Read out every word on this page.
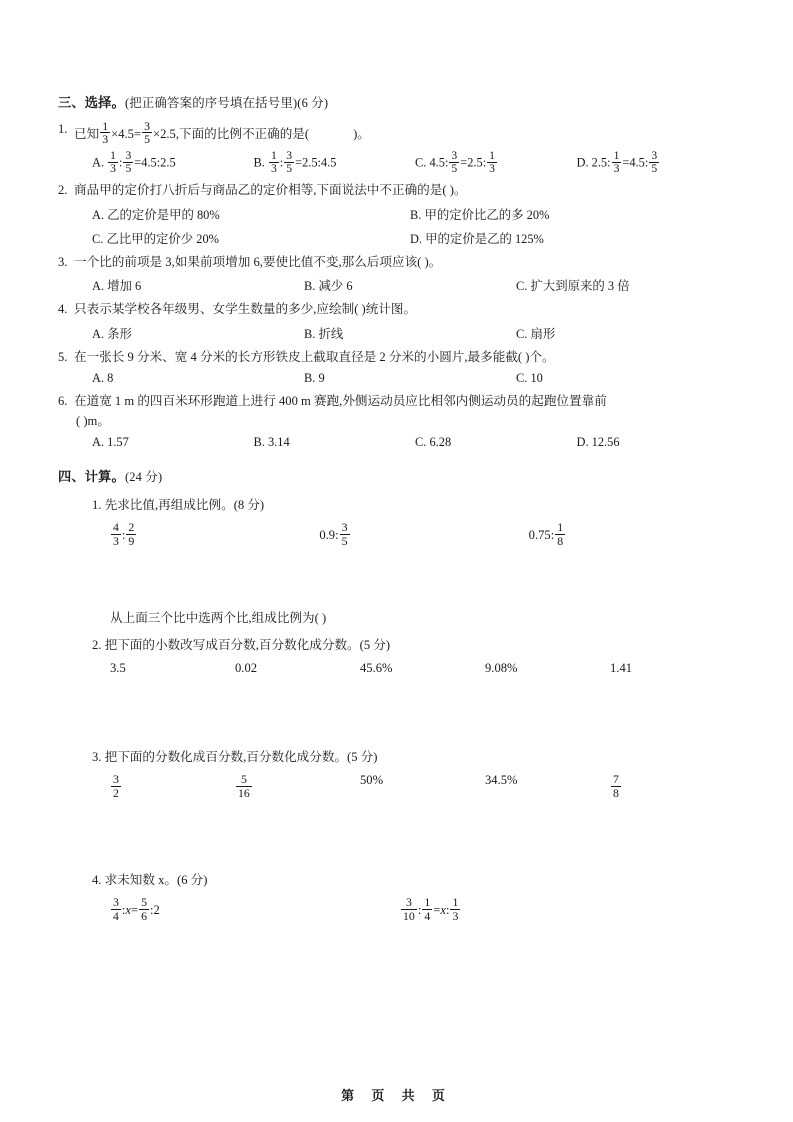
三、选择。(把正确答案的序号填在括号里)(6 分)
1. 已知 $\frac{1}{3} \times 4.5= \frac{3}{5} \times 2.5$,下面的比例不正确的是(	)。
A. $\frac{1}{3}$ : $\frac{3}{5}$ =4.5:2.5	B. $\frac{1}{3}$ : $\frac{3}{5}$ =2.5:4.5	C. 4.5: $\frac{3}{5} =2.5$: $\frac{1}{3}$	D. 2.5: $\frac{1}{3} =4.5$: $\frac{3}{5}$
2. 商品甲的定价打八折后与商品乙的定价相等,下面说法中不正确的是( )。
A. 乙的定价是甲的 80%	B. 甲的定价比乙的多 20%
C. 乙比甲的定价少 20%	D. 甲的定价是乙的 125%
3. 一个比的前项是 3,如果前项增加 6,要使比值不变,那么后项应该( )。
A. 增加 6	B. 减少 6	C. 扩大到原来的 3 倍
4. 只表示某学校各年级男、女学生数量的多少,应绘制( )统计图。
A. 条形	B. 折线	C. 扇形
5. 在一张长 9 分米、宽 4 分米的长方形铁皮上截取直径是 2 分米的小圆片,最多能截( )个。
A. 8	B. 9	C. 10
6. 在道宽 1 m 的四百米环形跑道上进行 400 m 赛跑,外侧运动员应比相邻内侧运动员的起跑位置靠前
( )m。
A. 1.57	B. 3.14	C. 6.28	D. 12.56
四、计算。(24 分)
1. 先求比值,再组成比例。(8 分)
$\frac{4}{3}$ : $\frac{2}{9}$	0.9: $\frac{3}{5}$	0.75: $\frac{1}{8}$
从上面三个比中选两个比,组成比例为( )
2. 把下面的小数改写成百分数,百分数化成分数。(5 分)
3.5	0.02	45.6%	9.08%	1.41
3. 把下面的分数化成百分数,百分数化成分数。(5 分)
$\frac{3}{2}$	$\frac{5}{16}$	50%	34.5%	$\frac{7}{8}$
4. 求未知数 x。(6 分)
$\frac{3}{4}$ :x= $\frac{5}{6}$ :2	$\frac{3}{10}$ : $\frac{1}{4} =x$: $\frac{1}{3}$
第 页 共 页
